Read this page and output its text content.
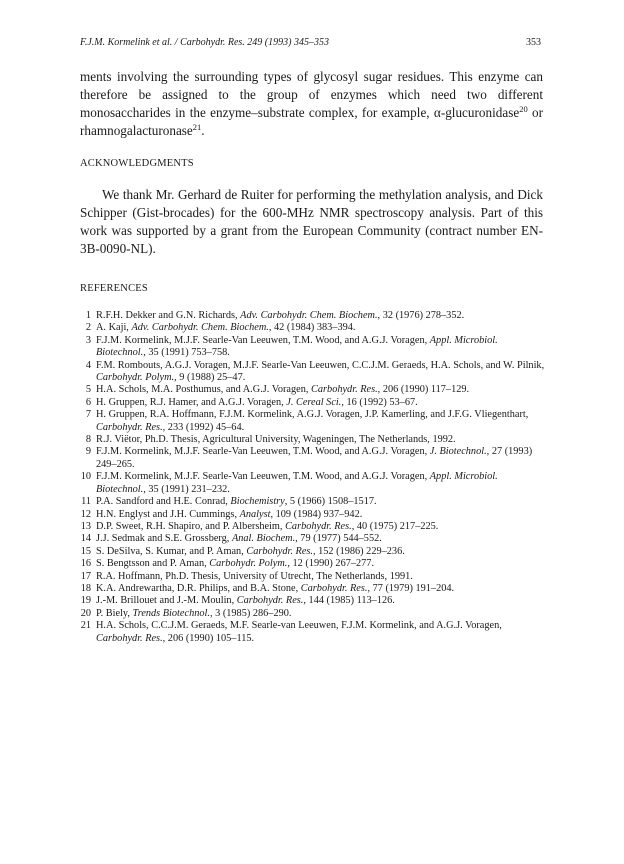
F.J.M. Kormelink et al. / Carbohydr. Res. 249 (1993) 345–353	353

ments involving the surrounding types of glycosyl sugar residues. This enzyme can therefore be assigned to the group of enzymes which need two different monosaccharides in the enzyme–substrate complex, for example, α-glucuronidase$^{20}$ or rhamnogalacturonase$^{21}$.

ACKNOWLEDGMENTS

We thank Mr. Gerhard de Ruiter for performing the methylation analysis, and Dick Schipper (Gist-brocades) for the 600-MHz NMR spectroscopy analysis. Part of this work was supported by a grant from the European Community (contract number EN-3B-0090-NL).

REFERENCES

1 R.F.H. Dekker and G.N. Richards, Adv. Carbohydr. Chem. Biochem., 32 (1976) 278–352.
2 A. Kaji, Adv. Carbohydr. Chem. Biochem., 42 (1984) 383–394.
3 F.J.M. Kormelink, M.J.F. Searle-Van Leeuwen, T.M. Wood, and A.G.J. Voragen, Appl. Microbiol. Biotechnol., 35 (1991) 753–758.
4 F.M. Rombouts, A.G.J. Voragen, M.J.F. Searle-Van Leeuwen, C.C.J.M. Geraeds, H.A. Schols, and W. Pilnik, Carbohydr. Polym., 9 (1988) 25–47.
5 H.A. Schols, M.A. Posthumus, and A.G.J. Voragen, Carbohydr. Res., 206 (1990) 117–129.
6 H. Gruppen, R.J. Hamer, and A.G.J. Voragen, J. Cereal Sci., 16 (1992) 53–67.
7 H. Gruppen, R.A. Hoffmann, F.J.M. Kormelink, A.G.J. Voragen, J.P. Kamerling, and J.F.G. Vliegenthart, Carbohydr. Res., 233 (1992) 45–64.
8 R.J. Viëtor, Ph.D. Thesis, Agricultural University, Wageningen, The Netherlands, 1992.
9 F.J.M. Kormelink, M.J.F. Searle-Van Leeuwen, T.M. Wood, and A.G.J. Voragen, J. Biotechnol., 27 (1993) 249–265.
10 F.J.M. Kormelink, M.J.F. Searle-Van Leeuwen, T.M. Wood, and A.G.J. Voragen, Appl. Microbiol. Biotechnol., 35 (1991) 231–232.
11 P.A. Sandford and H.E. Conrad, Biochemistry, 5 (1966) 1508–1517.
12 H.N. Englyst and J.H. Cummings, Analyst, 109 (1984) 937–942.
13 D.P. Sweet, R.H. Shapiro, and P. Albersheim, Carbohydr. Res., 40 (1975) 217–225.
14 J.J. Sedmak and S.E. Grossberg, Anal. Biochem., 79 (1977) 544–552.
15 S. DeSilva, S. Kumar, and P. Aman, Carbohydr. Res., 152 (1986) 229–236.
16 S. Bengtsson and P. Aman, Carbohydr. Polym., 12 (1990) 267–277.
17 R.A. Hoffmann, Ph.D. Thesis, University of Utrecht, The Netherlands, 1991.
18 K.A. Andrewartha, D.R. Philips, and B.A. Stone, Carbohydr. Res., 77 (1979) 191–204.
19 J.-M. Brillouet and J.-M. Moulin, Carbohydr. Res., 144 (1985) 113–126.
20 P. Biely, Trends Biotechnol., 3 (1985) 286–290.
21 H.A. Schols, C.C.J.M. Geraeds, M.F. Searle-van Leeuwen, F.J.M. Kormelink, and A.G.J. Voragen, Carbohydr. Res., 206 (1990) 105–115.
